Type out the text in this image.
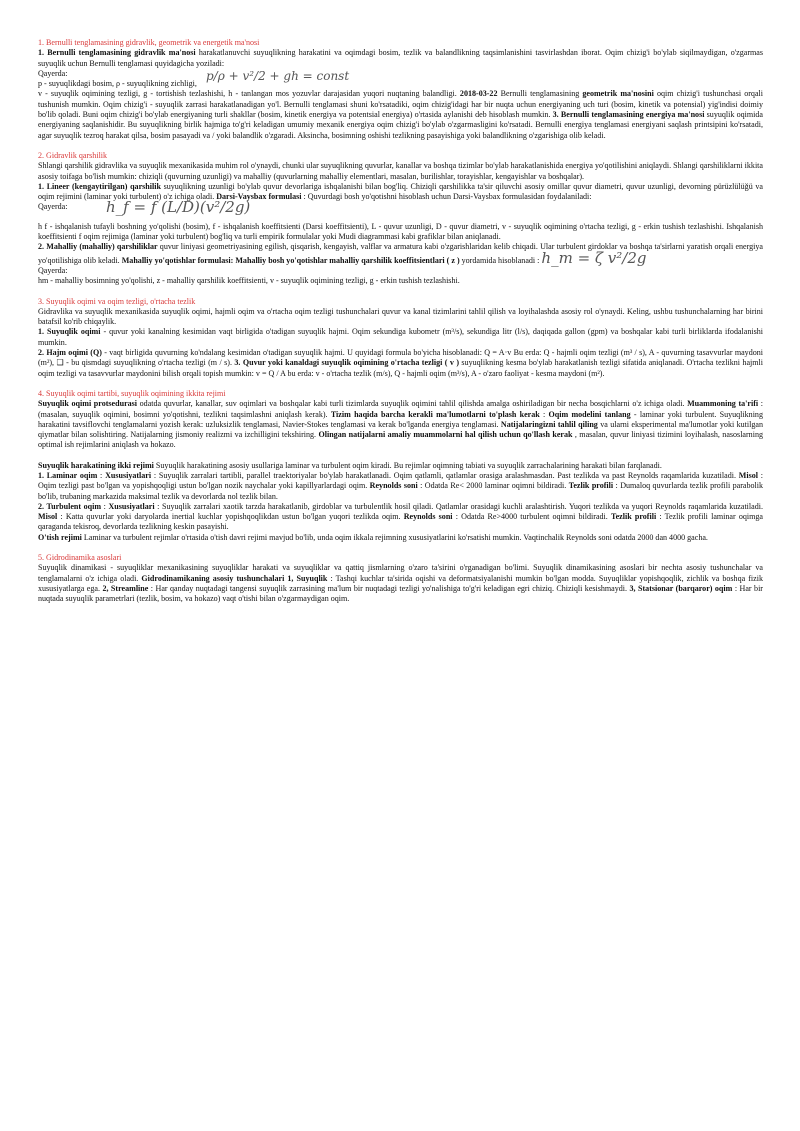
1. Bernulli tenglamasining gidravlik, geometrik va energetik ma'nosi

1. Bernulli tenglamasining gidravlik ma'nosi harakatlanuvchi suyuqlikning harakatini va oqimdagi bosim, tezlik va balandlikning taqsimlanishini tasvirlashdan iborat. Oqim chizig'i bo'ylab siqilmaydigan, o'zgarmas suyuqlik uchun Bernulli tenglamasi quyidagicha yoziladi:

Qayerda:
p - suyuqlikdagi bosim, ρ - suyuqlikning zichligi,
p/ρ + v²/2 + gh = const

v - suyuqlik oqimining tezligi, g - tortishish tezlashishi, h - tanlangan mos yozuvlar darajasidan yuqori nuqtaning balandligi. 2018-03-22 Bernulli tenglamasining geometrik ma'nosini oqim chizig'i tushunchasi orqali tushunish mumkin. Oqim chizig'i - suyuqlik zarrasi harakatlanadigan yo'l. Bernulli tenglamasi shuni ko'rsatadiki, oqim chizig'idagi har bir nuqta uchun energiyaning uch turi (bosim, kinetik va potensial) yig'indisi doimiy bo'lib qoladi. Buni oqim chizig'i bo'ylab energiyaning turli shakllar (bosim, kinetik energiya va potentsial energiya) o'rtasida aylanishi deb hisoblash mumkin. 3. Bernulli tenglamasining energiya ma'nosi suyuqlik oqimida energiyaning saqlanishidir. Bu suyuqlikning birlik hajmiga to'g'ri keladigan umumiy mexanik energiya oqim chizig'i bo'ylab o'zgarmasligini ko'rsatadi. Bernulli energiya tenglamasi energiyani saqlash printsipini ko'rsatadi, agar suyuqlik tezroq harakat qilsa, bosim pasayadi va / yoki balandlik o'zgaradi. Aksincha, bosimning oshishi tezlikning pasayishiga yoki balandlikning o'zgarishiga olib keladi.

2. Gidravlik qarshilik

Shlangi qarshilik gidravlika va suyuqlik mexanikasida muhim rol o'ynaydi, chunki ular suyuqlikning quvurlar, kanallar va boshqa tizimlar bo'ylab harakatlanishida energiya yo'qotilishini aniqlaydi. Shlangi qarshiliklarni ikkita asosiy toifaga bo'lish mumkin: chiziqli (quvurning uzunligi) va mahalliy (quvurlarning mahalliy elementlari, masalan, burilishlar, torayishlar, kengayishlar va boshqalar).

1. Lineer (kengaytirilgan) qarshilik suyuqlikning uzunligi bo'ylab quvur devorlariga ishqalanishi bilan bog'liq. Chiziqli qarshilikka ta'sir qiluvchi asosiy omillar quvur diametri, quvur uzunligi, devorning pürüzlülüğü va oqim rejimini (laminar yoki turbulent) o'z ichiga oladi. Darsi-Vaysbax formulasi : Quvurdagi bosh yo'qotishni hisoblash uchun Darsi-Vaysbax formulasidan foydalaniladi:

Qayerda:	h_f = f (L/D)(v²/2g)

h f - ishqalanish tufayli boshning yo'qolishi (bosim), f - ishqalanish koeffitsienti (Darsi koeffitsienti), L - quvur uzunligi, D - quvur diametri, v - suyuqlik oqimining o'rtacha tezligi, g - erkin tushish tezlashishi. Ishqalanish koeffitsienti f oqim rejimiga (laminar yoki turbulent) bog'liq va turli empirik formulalar yoki Mudi diagrammasi kabi grafiklar bilan aniqlanadi.

2. Mahalliy (mahalliy) qarshiliklar quvur liniyasi geometriyasining egilish, qisqarish, kengayish, valflar va armatura kabi o'zgarishlaridan kelib chiqadi. Ular turbulent girdoklar va boshqa ta'sirlarni yaratish orqali energiya yo'qotilishiga olib keladi. Mahalliy yo'qotishlar formulasi: Mahalliy bosh yo'qotishlar mahalliy qarshilik koeffitsientlari ( z ) yordamida hisoblanadi : h_m = ζ v²/2g

Qayerda:

hm - mahalliy bosimning yo'qolishi, z - mahalliy qarshilik koeffitsienti, v - suyuqlik oqimining tezligi, g - erkin tushish tezlashishi.

3. Suyuqlik oqimi va oqim tezligi, o'rtacha tezlik

Gidravlika va suyuqlik mexanikasida suyuqlik oqimi, hajmli oqim va o'rtacha oqim tezligi tushunchalari quvur va kanal tizimlarini tahlil qilish va loyihalashda asosiy rol o'ynaydi. Keling, ushbu tushunchalarning har birini batafsil ko'rib chiqaylik.

1. Suyuqlik oqimi - quvur yoki kanalning kesimidan vaqt birligida o'tadigan suyuqlik hajmi. Oqim sekundiga kubometr (m³/s), sekundiga litr (l/s), daqiqada gallon (gpm) va boshqalar kabi turli birliklarda ifodalanishi mumkin.

2. Hajm oqimi (Q) - vaqt birligida quvurning ko'ndalang kesimidan o'tadigan suyuqlik hajmi. U quyidagi formula bo'yicha hisoblanadi: Q = A·v Bu erda: Q - hajmli oqim tezligi (m³ / s), A - quvurning tasavvurlar maydoni (m²), ❑ - bu qismdagi suyuqlikning o'rtacha tezligi (m / s). 3. Quvur yoki kanaldagi suyuqlik oqimining o'rtacha tezligi ( v ) suyuqlikning kesma bo'ylab harakatlanish tezligi sifatida aniqlanadi. O'rtacha tezlikni hajmli oqim tezligi va tasavvurlar maydonini bilish orqali topish mumkin: v = Q / A bu erda: v - o'rtacha tezlik (m/s), Q - hajmli oqim (m³/s), A - o'zaro faoliyat - kesma maydoni (m²).

4. Suyuqlik oqimi tartibi, suyuqlik oqimining ikkita rejimi

Suyuqlik oqimi protsedurasi odatda quvurlar, kanallar, suv oqimlari va boshqalar kabi turli tizimlarda suyuqlik oqimini tahlil qilishda amalga oshiriladigan bir necha bosqichlarni o'z ichiga oladi. Muammoning ta'rifi : (masalan, suyuqlik oqimini, bosimni yo'qotishni, tezlikni taqsimlashni aniqlash kerak). Tizim haqida barcha kerakli ma'lumotlarni to'plash kerak : Oqim modelini tanlang - laminar yoki turbulent. Suyuqlikning harakatini tavsiflovchi tenglamalarni yozish kerak: uzluksizlik tenglamasi, Navier-Stokes tenglamasi va kerak bo'lganda energiya tenglamasi. Natijalaringizni tahlil qiling va ularni eksperimental ma'lumotlar yoki kutilgan qiymatlar bilan solishtiring. Natijalarning jismoniy realizmi va izchilligini tekshiring. Olingan natijalarni amaliy muammolarni hal qilish uchun qo'llash kerak , masalan, quvur liniyasi tizimini loyihalash, nasoslarning optimal ish rejimlarini aniqlash va hokazo.

Suyuqlik harakatining ikki rejimi Suyuqlik harakatining asosiy usullariga laminar va turbulent oqim kiradi. Bu rejimlar oqimning tabiati va suyuqlik zarrachalarining harakati bilan farqlanadi.

1. Laminar oqim : Xususiyatlari : Suyuqlik zarralari tartibli, parallel traektoriyalar bo'ylab harakatlanadi. Oqim qatlamli, qatlamlar orasiga aralashmasdan. Past tezlikda va past Reynolds raqamlarida kuzatiladi. Misol : Oqim tezligi past bo'lgan va yopishqoqligi ustun bo'lgan nozik naychalar yoki kapillyarlardagi oqim. Reynolds soni : Odatda Re< 2000 laminar oqimni bildiradi. Tezlik profili : Dumaloq quvurlarda tezlik profili parabolik bo'lib, trubaning markazida maksimal tezlik va devorlarda nol tezlik bilan.

2. Turbulent oqim : Xususiyatlari : Suyuqlik zarralari xaotik tarzda harakatlanib, girdoblar va turbulentlik hosil qiladi. Qatlamlar orasidagi kuchli aralashtirish. Yuqori tezlikda va yuqori Reynolds raqamlarida kuzatiladi. Misol : Katta quvurlar yoki daryolarda inertial kuchlar yopishqoqlikdan ustun bo'lgan yuqori tezlikda oqim. Reynolds soni : Odatda Re>4000 turbulent oqimni bildiradi. Tezlik profili : Tezlik profili laminar oqimga qaraganda tekisroq, devorlarda tezlikning keskin pasayishi.

O'tish rejimi Laminar va turbulent rejimlar o'rtasida o'tish davri rejimi mavjud bo'lib, unda oqim ikkala rejimning xususiyatlarini ko'rsatishi mumkin. Vaqtinchalik Reynolds soni odatda 2000 dan 4000 gacha.

5. Gidrodinamika asoslari

Suyuqlik dinamikasi - suyuqliklar mexanikasining suyuqliklar harakati va suyuqliklar va qattiq jismlarning o'zaro ta'sirini o'rganadigan bo'limi. Suyuqlik dinamikasining asoslari bir nechta asosiy tushunchalar va tenglamalarni o'z ichiga oladi. Gidrodinamikaning asosiy tushunchalari 1, Suyuqlik : Tashqi kuchlar ta'sirida oqishi va deformatsiyalanishi mumkin bo'lgan modda. Suyuqliklar yopishqoqlik, zichlik va boshqa fizik xususiyatlarga ega. 2, Streamline : Har qanday nuqtadagi tangensi suyuqlik zarrasining ma'lum bir nuqtadagi tezligi yo'nalishiga to'g'ri keladigan egri chiziq. Chiziqli kesishmaydi. 3, Statsionar (barqaror) oqim : Har bir nuqtada suyuqlik parametrlari (tezlik, bosim, va hokazo) vaqt o'tishi bilan o'zgarmaydigan oqim.
